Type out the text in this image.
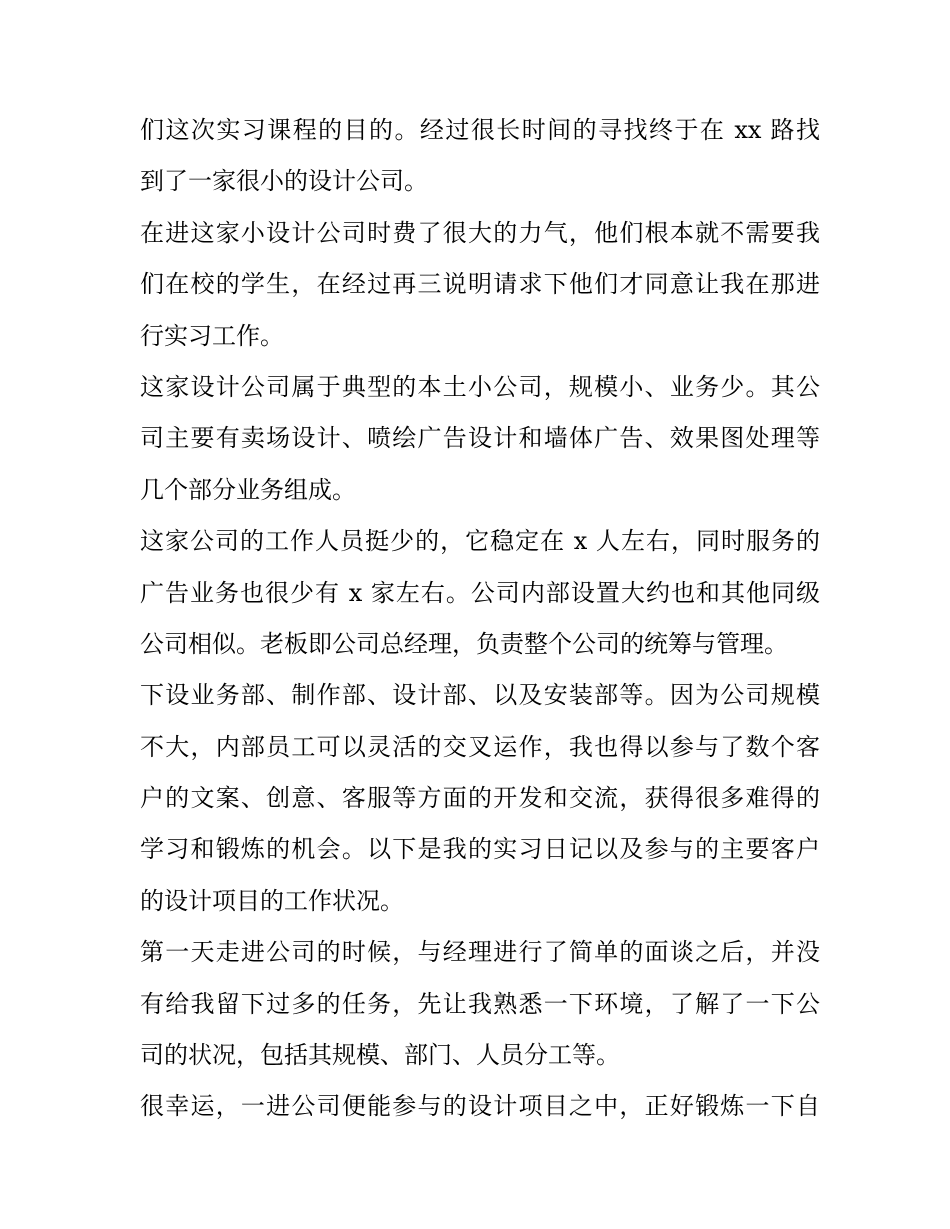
们这次实习课程的目的。经过很长时间的寻找终于在 xx 路找
到了一家很小的设计公司。
在进这家小设计公司时费了很大的力气，他们根本就不需要我
们在校的学生，在经过再三说明请求下他们才同意让我在那进
行实习工作。
这家设计公司属于典型的本土小公司，规模小、业务少。其公
司主要有卖场设计、喷绘广告设计和墙体广告、效果图处理等
几个部分业务组成。
这家公司的工作人员挺少的，它稳定在 x 人左右，同时服务的
广告业务也很少有 x 家左右。公司内部设置大约也和其他同级
公司相似。老板即公司总经理，负责整个公司的统筹与管理。
下设业务部、制作部、设计部、以及安装部等。因为公司规模
不大，内部员工可以灵活的交叉运作，我也得以参与了数个客
户的文案、创意、客服等方面的开发和交流，获得很多难得的
学习和锻炼的机会。以下是我的实习日记以及参与的主要客户
的设计项目的工作状况。
第一天走进公司的时候，与经理进行了简单的面谈之后，并没
有给我留下过多的任务，先让我熟悉一下环境，了解了一下公
司的状况，包括其规模、部门、人员分工等。
很幸运，一进公司便能参与的设计项目之中，正好锻炼一下自
